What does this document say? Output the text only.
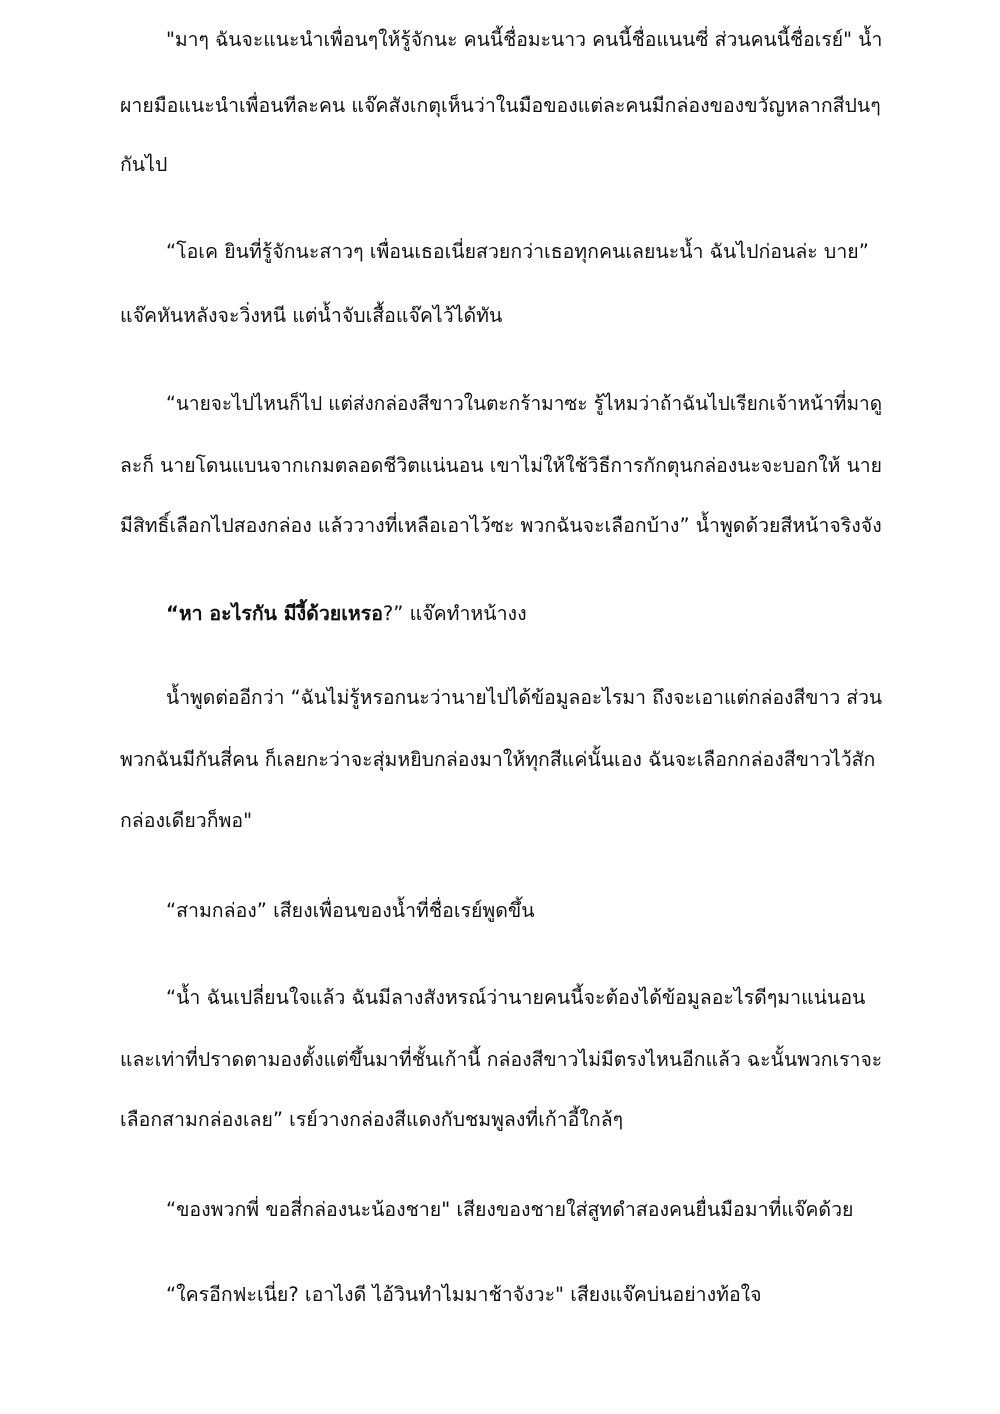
"มาๆ ฉันจะแนะนำเพื่อนๆให้รู้จักนะ คนนี้ชื่อมะนาว คนนี้ชื่อแนนซี่ ส่วนคนนี้ชื่อเรย์" น้ำ
ผายมือแนะนำเพื่อนทีละคน แจ๊คสังเกตุเห็นว่าในมือของแต่ละคนมีกล่องของขวัญหลากสีปนๆ
กันไป
“โอเค ยินที่รู้จักนะสาวๆ เพื่อนเธอเนี่ยสวยกว่าเธอทุกคนเลยนะน้ำ ฉันไปก่อนล่ะ บาย”
แจ๊คหันหลังจะวิ่งหนี แต่น้ำจับเสื้อแจ๊คไว้ได้ทัน
“นายจะไปไหนก็ไป แต่ส่งกล่องสีขาวในตะกร้ามาซะ รู้ไหมว่าถ้าฉันไปเรียกเจ้าหน้าที่มาดู
ละก็ นายโดนแบนจากเกมตลอดชีวิตแน่นอน เขาไม่ให้ใช้วิธีการกักตุนกล่องนะจะบอกให้ นาย
มีสิทธิ์เลือกไปสองกล่อง แล้ววางที่เหลือเอาไว้ซะ พวกฉันจะเลือกบ้าง” น้ำพูดด้วยสีหน้าจริงจัง
“หา อะไรกัน มีงี้ด้วยเหรอ?” แจ๊คทำหน้างง
น้ำพูดต่ออีกว่า “ฉันไม่รู้หรอกนะว่านายไปได้ข้อมูลอะไรมา ถึงจะเอาแต่กล่องสีขาว ส่วน
พวกฉันมีกันสี่คน ก็เลยกะว่าจะสุ่มหยิบกล่องมาให้ทุกสีแค่นั้นเอง ฉันจะเลือกกล่องสีขาวไว้สัก
กล่องเดียวก็พอ"
“สามกล่อง” เสียงเพื่อนของน้ำที่ชื่อเรย์พูดขึ้น
“น้ำ ฉันเปลี่ยนใจแล้ว ฉันมีลางสังหรณ์ว่านายคนนี้จะต้องได้ข้อมูลอะไรดีๆมาแน่นอน
และเท่าที่ปราดตามองตั้งแต่ขึ้นมาที่ชั้นเก้านี้ กล่องสีขาวไม่มีตรงไหนอีกแล้ว ฉะนั้นพวกเราจะ
เลือกสามกล่องเลย” เรย์วางกล่องสีแดงกับชมพูลงที่เก้าอี้ใกล้ๆ
“ของพวกพี่ ขอสี่กล่องนะน้องชาย" เสียงของชายใส่สูทดำสองคนยื่นมือมาที่แจ๊คด้วย
“ใครอีกฟะเนี่ย? เอาไงดี ไอ้วินทำไมมาช้าจังวะ" เสียงแจ๊คบ่นอย่างท้อใจ
